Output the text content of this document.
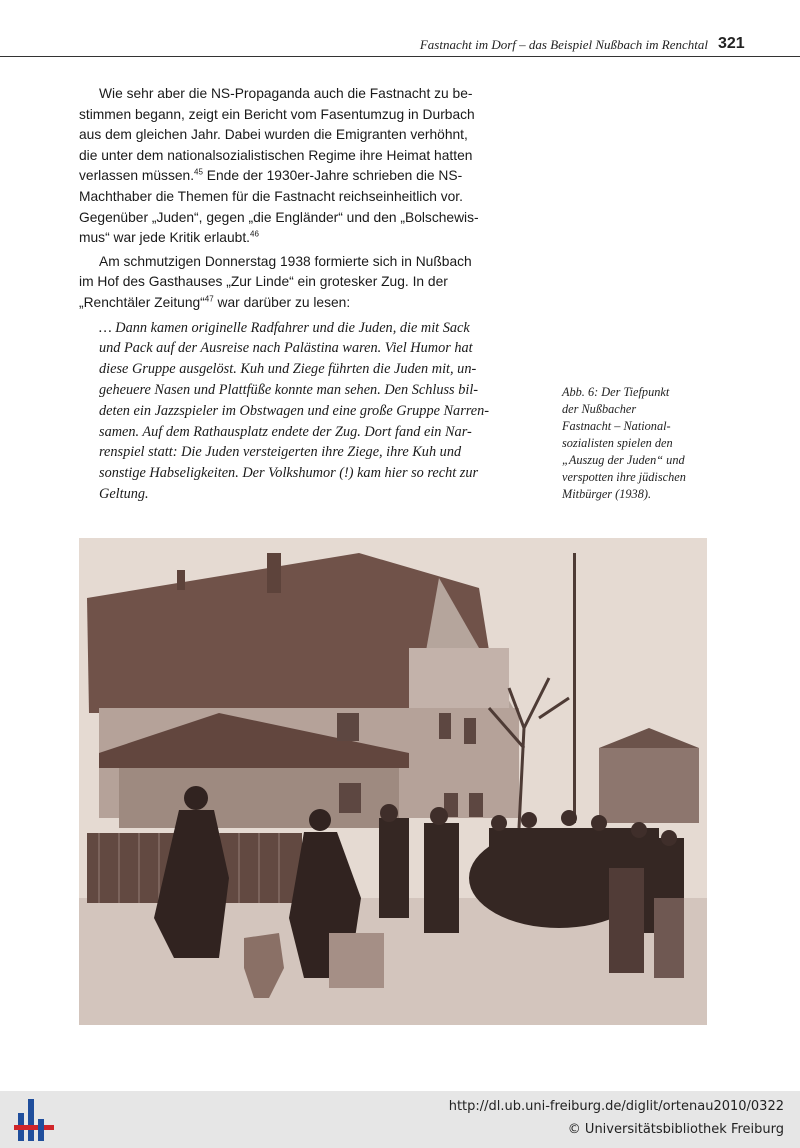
Fastnacht im Dorf – das Beispiel Nußbach im Renchtal 321

Wie sehr aber die NS-Propaganda auch die Fastnacht zu be-
stimmen begann, zeigt ein Bericht vom Fasentumzug in Durbach
aus dem gleichen Jahr. Dabei wurden die Emigranten verhöhnt,
die unter dem nationalsozialistischen Regime ihre Heimat hatten
verlassen müssen.$^{45}$ Ende der 1930er-Jahre schrieben die NS-
Machthaber die Themen für die Fastnacht reichseinheitlich vor.
Gegenüber „Juden“, gegen „die Engländer“ und den „Bolschewis-
mus“ war jede Kritik erlaubt.$^{46}$

Am schmutzigen Donnerstag 1938 formierte sich in Nußbach
im Hof des Gasthauses „Zur Linde“ ein grotesker Zug. In der
„Renchtäler Zeitung“$^{47}$ war darüber zu lesen:

… Dann kamen originelle Radfahrer und die Juden, die mit Sack
und Pack auf der Ausreise nach Palästina waren. Viel Humor hat
diese Gruppe ausgelöst. Kuh und Ziege führten die Juden mit, un-
geheuere Nasen und Plattfüße konnte man sehen. Den Schluss bil-
deten ein Jazzspieler im Obstwagen und eine große Gruppe Narren-
samen. Auf dem Rathausplatz endete der Zug. Dort fand ein Nar-
renspiel statt: Die Juden versteigerten ihre Ziege, ihre Kuh und
sonstige Habseligkeiten. Der Volkshumor (!) kam hier so recht zur
Geltung.

Abb. 6: Der Tiefpunkt
der Nußbacher
Fastnacht – National-
sozialisten spielen den
„Auszug der Juden“ und
verspotten ihre jüdischen
Mitbürger (1938).
http://dl.ub.uni-freiburg.de/diglit/ortenau2010/0322
© Universitätsbibliothek Freiburg
